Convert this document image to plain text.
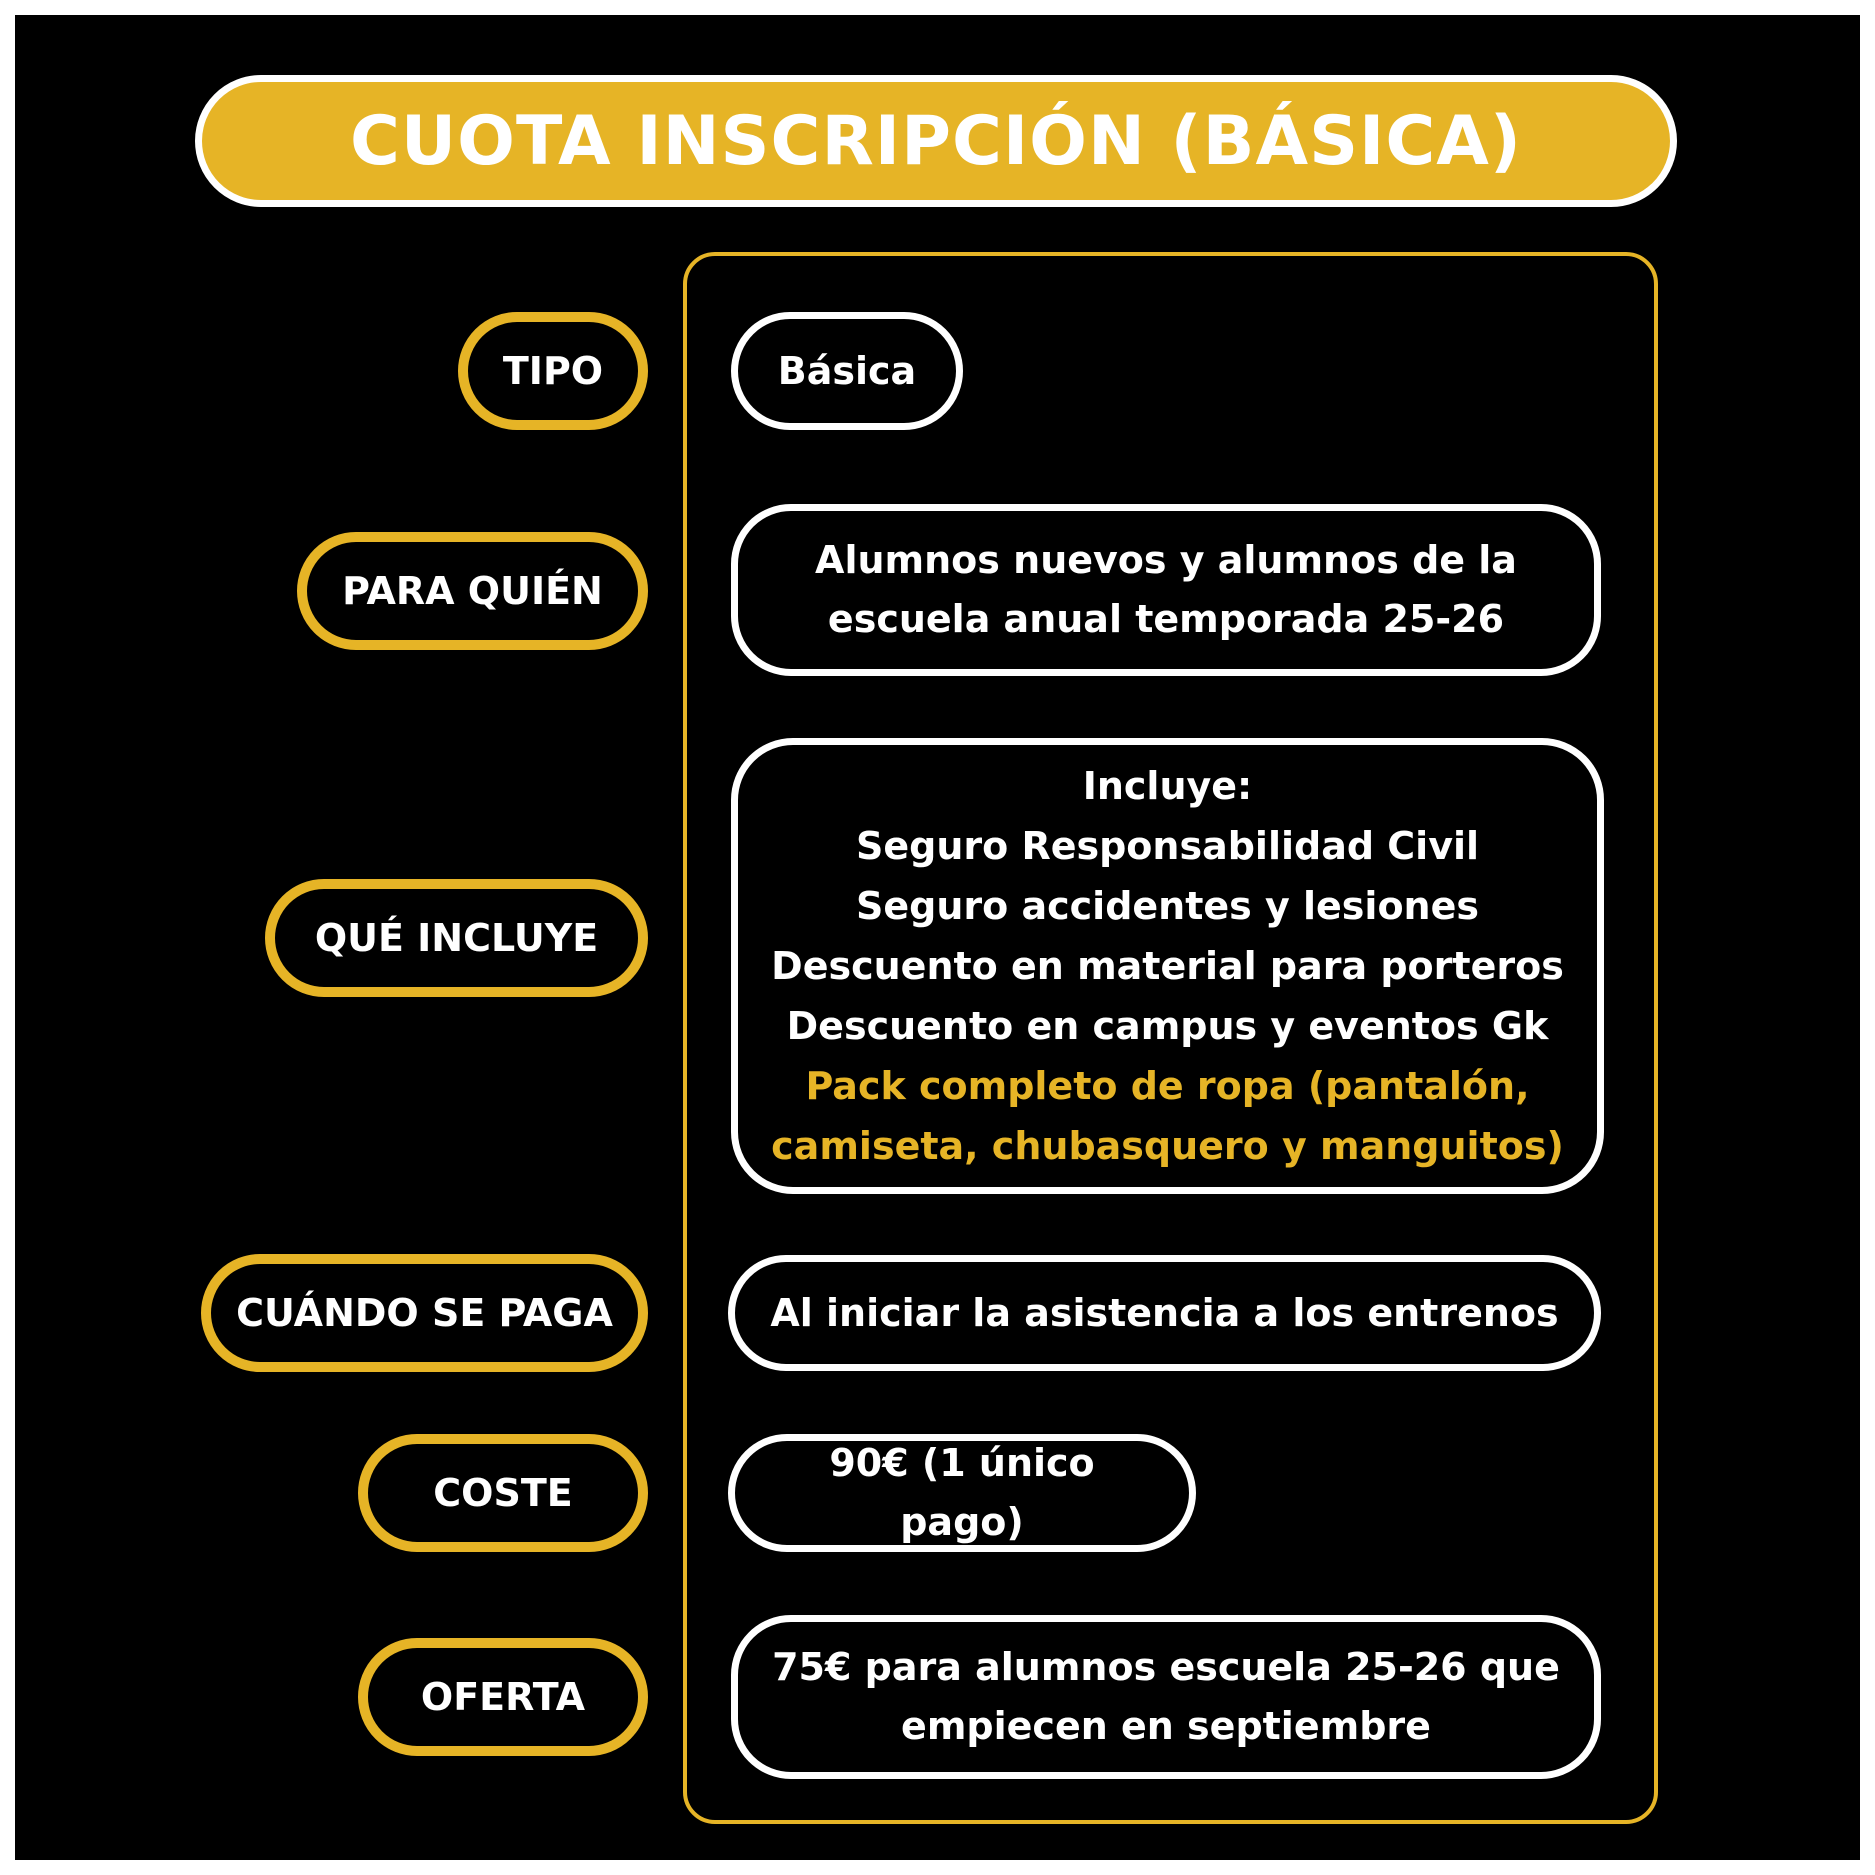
CUOTA INSCRIPCIÓN (BÁSICA)
TIPO	Básica
PARA QUIÉN
Alumnos nuevos y alumnos de la
escuela anual temporada 25-26
QUÉ INCLUYE
Incluye:
Seguro Responsabilidad Civil
Seguro accidentes y lesiones
Descuento en material para porteros
Descuento en campus y eventos Gk
Pack completo de ropa (pantalón,
camiseta, chubasquero y manguitos)
CUÁNDO SE PAGA	Al iniciar la asistencia a los entrenos
COSTE
90€ (1 único pago)
OFERTA
75€ para alumnos escuela 25-26 que
empiecen en septiembre
